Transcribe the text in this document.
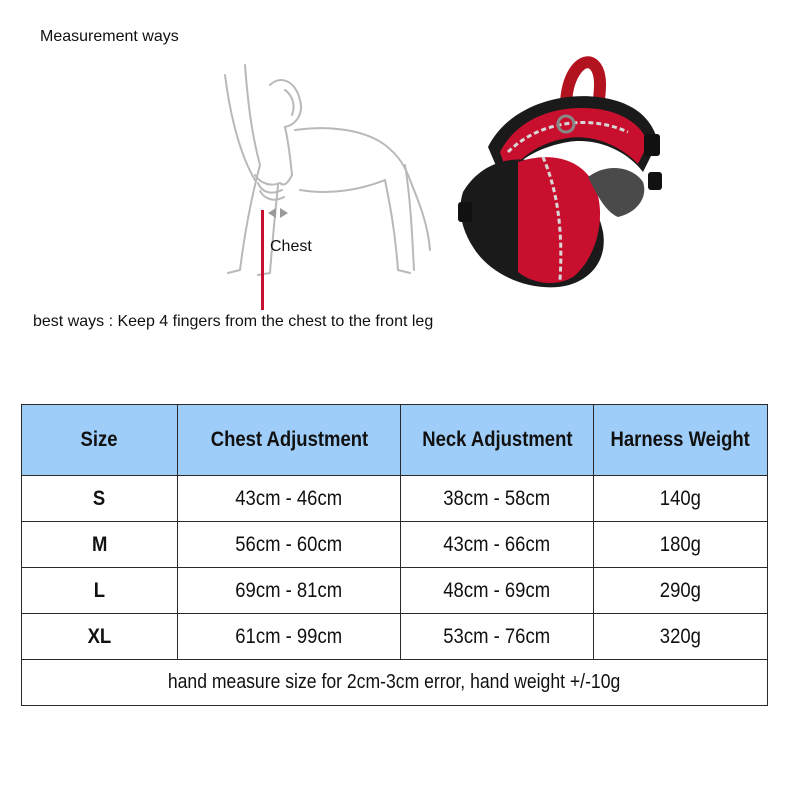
Measurement ways
Chest
best ways : Keep 4 fingers from the chest to the front leg
Size	Chest Adjustment	Neck Adjustment	Harness Weight
S	43cm - 46cm	38cm - 58cm	140g
M	56cm - 60cm	43cm - 66cm	180g
L	69cm - 81cm	48cm - 69cm	290g
XL	61cm - 99cm	53cm - 76cm	320g
hand measure size for 2cm-3cm error, hand weight +/-10g			
